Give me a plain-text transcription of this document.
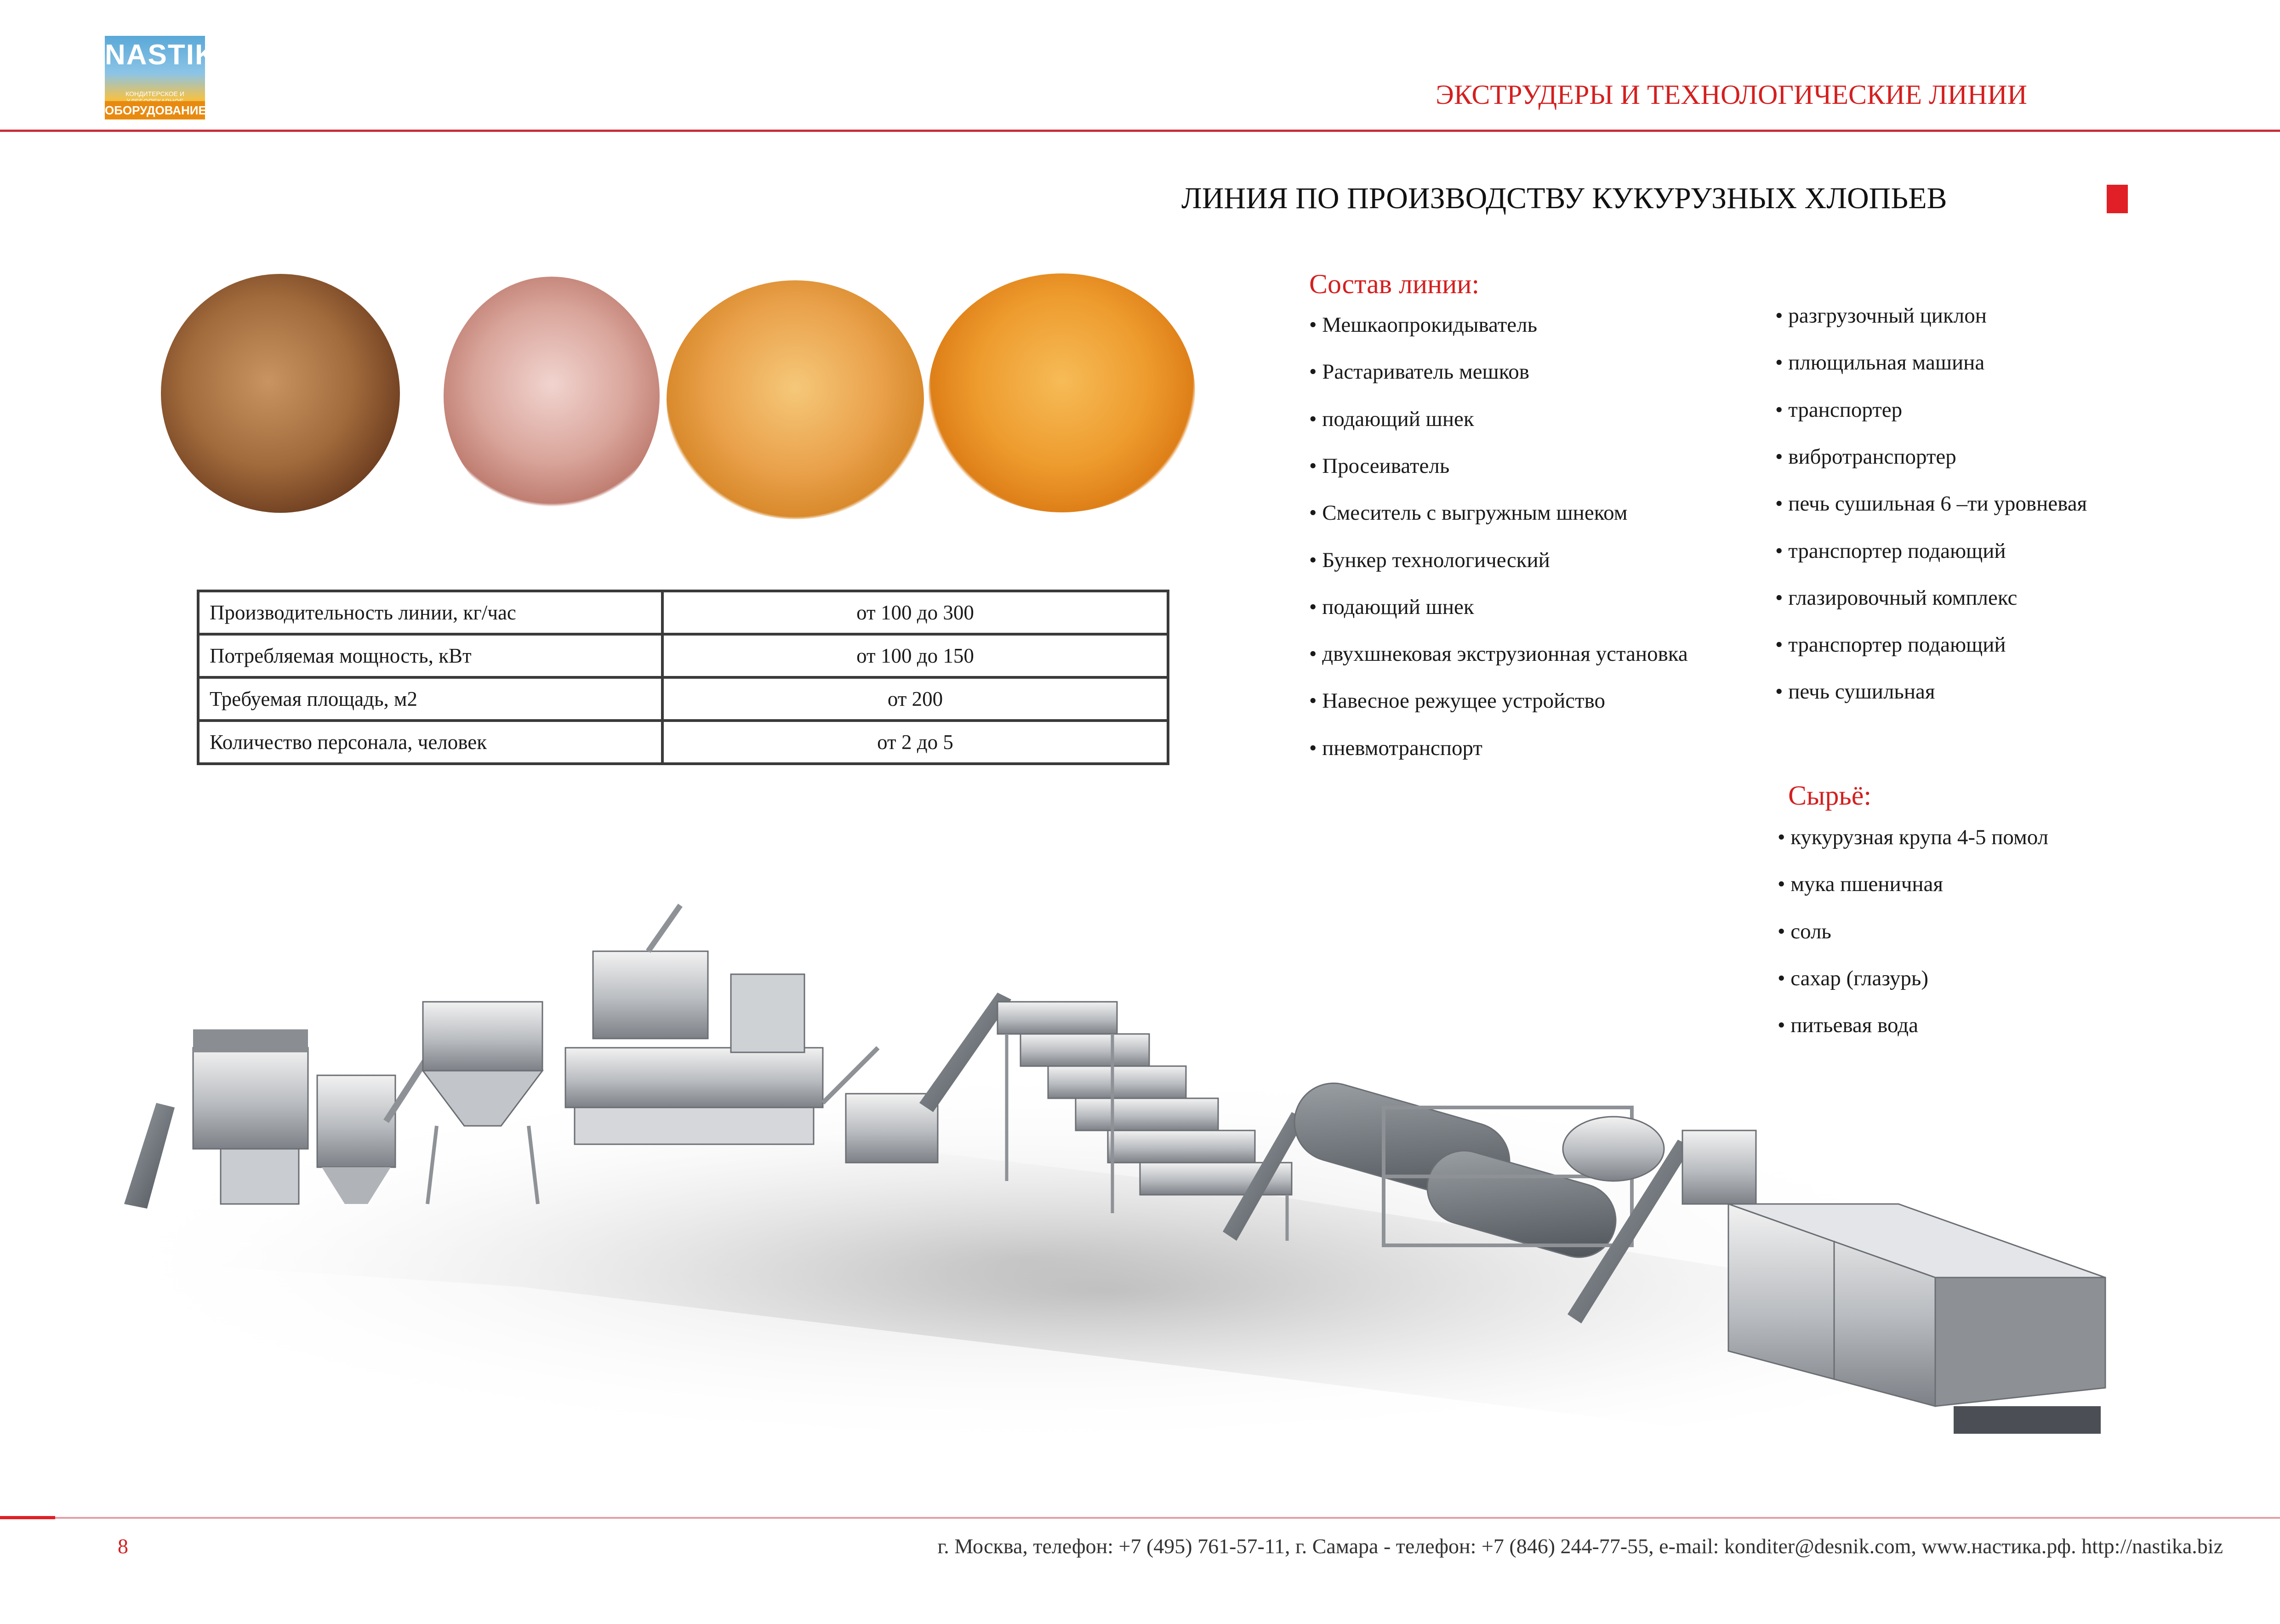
NASTIKA
КОНДИТЕРСКОЕ И
ОБОРУДОВАНИЕ
ЭКСТРУДЕРЫ И ТЕХНОЛОГИЧЕСКИЕ ЛИНИИ
ЛИНИЯ ПО ПРОИЗВОДСТВУ КУКУРУЗНЫХ ХЛОПЬЕВ
Производительность линии, кг/час	от 100 до 300
Потребляемая мощность, кВт	от 100 до 150
Требуемая площадь, м2	от 200
Количество персонала, человек	от 2 до 5
Состав линии:
• Мешкаопрокидыватель
• Растариватель мешков
• подающий шнек
• Просеиватель
• Смеситель с выгружным шнеком
• Бункер технологический
• подающий шнек
• двухшнековая экструзионная установка
• Навесное режущее устройство
• пневмотранспорт
• разгрузочный циклон
• плющильная машина
• транспортер
• вибротранспортер
• печь сушильная 6 –ти уровневая
• транспортер подающий
• глазировочный комплекс
• транспортер подающий
• печь сушильная
Сырьё:
• кукурузная крупа 4-5 помол
• мука пшеничная
• соль
• сахар (глазурь)
• питьевая вода
8	г. Москва, телефон: +7 (495) 761-57-11, г. Самара - телефон: +7 (846) 244-77-55, e-mail: konditer@desnik.com, www.настика.рф. http://nastika.biz
